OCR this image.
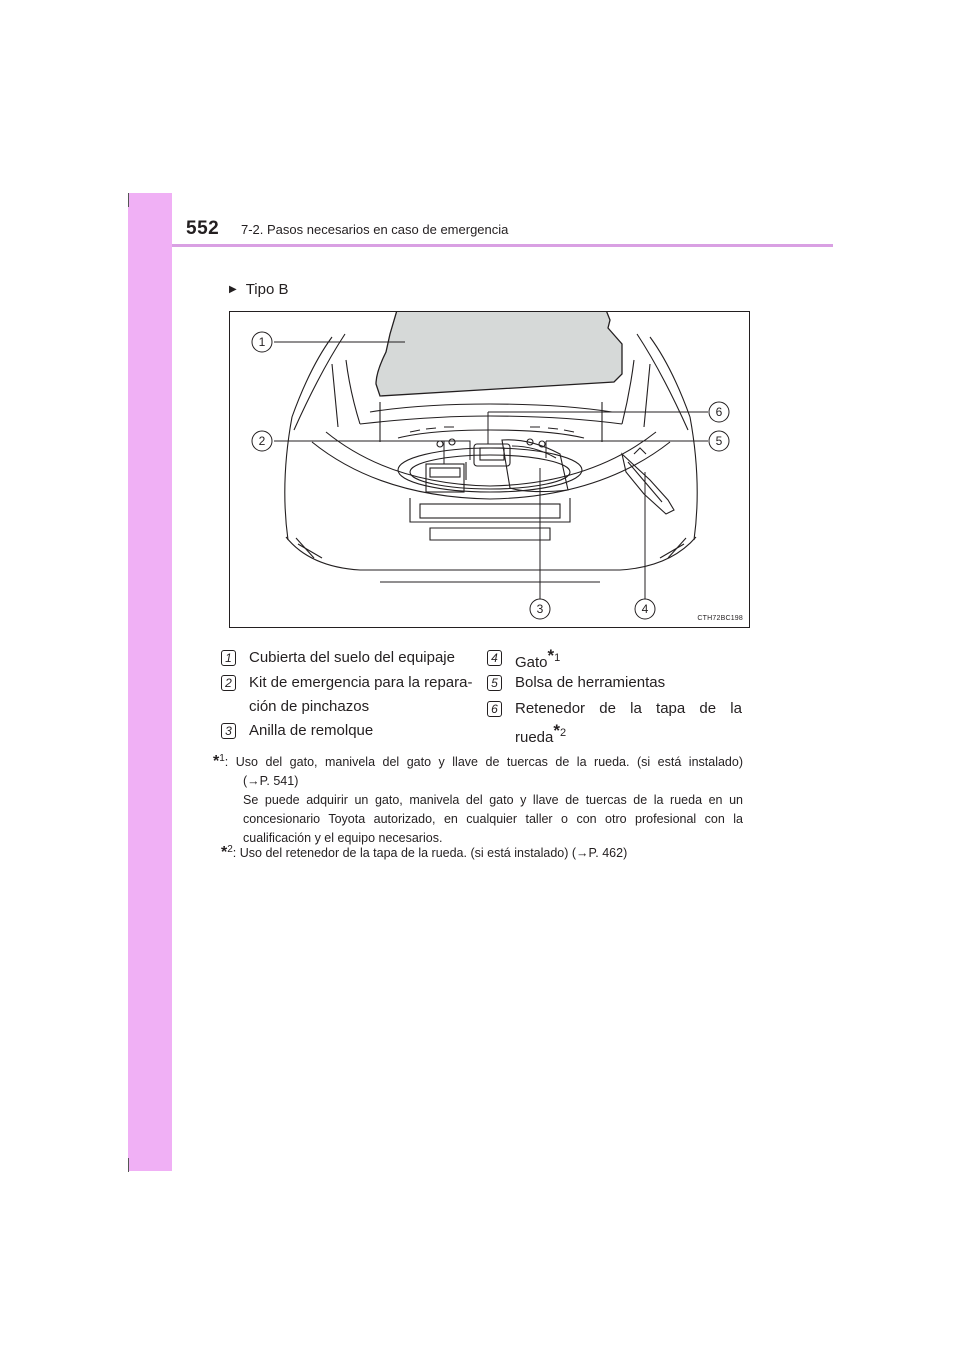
552 7-2. Pasos necesarios en caso de emergencia
▶ Tipo B
1
2
3	4
5
6
CTH72BC198
1 Cubierta del suelo del equipaje
2 Kit de emergencia para la repara-
ción de pinchazos
3 Anilla de remolque
4 Gato*$^1$
5 Bolsa de herramientas
6 Retenedor de la tapa de la
rueda*$^2$
*$^1$: Uso del gato, manivela del gato y llave de tuercas de la rueda. (si está instalado)
(→P. 541)
Se puede adquirir un gato, manivela del gato y llave de tuercas de la rueda en un
concesionario Toyota autorizado, en cualquier taller o con otro profesional con la
cualificación y el equipo necesarios.
*$^2$: Uso del retenedor de la tapa de la rueda. (si está instalado) (→P. 462)
